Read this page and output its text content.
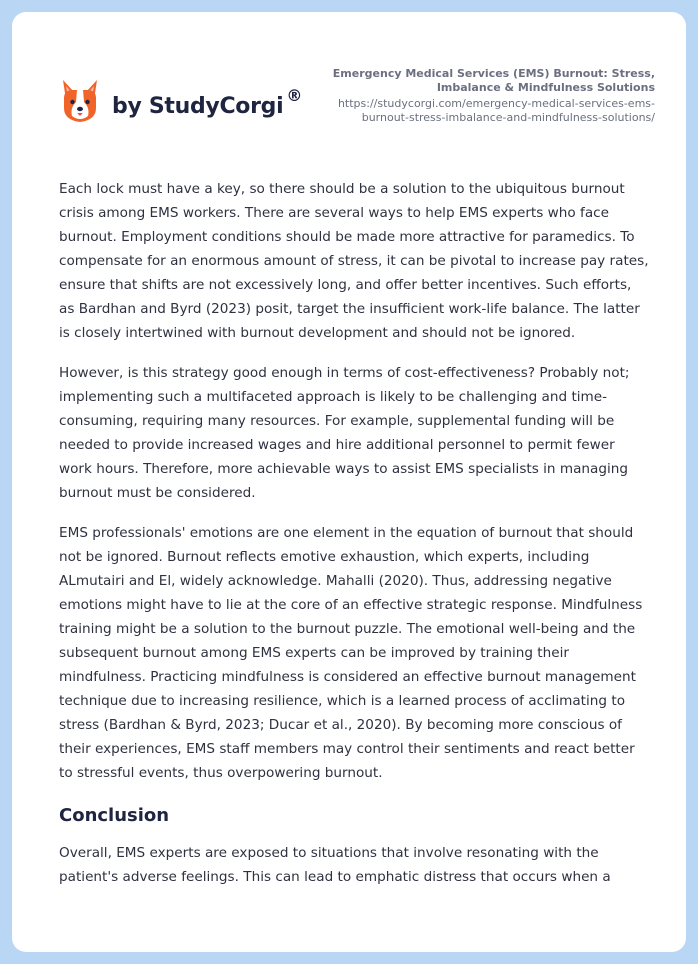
by StudyCorgi ®
Emergency Medical Services (EMS) Burnout: Stress, Imbalance & Mindfulness Solutions
https://studycorgi.com/emergency-medical-services-ems-burnout-stress-imbalance-and-mindfulness-solutions/

Each lock must have a key, so there should be a solution to the ubiquitous burnout crisis among EMS workers. There are several ways to help EMS experts who face burnout. Employment conditions should be made more attractive for paramedics. To compensate for an enormous amount of stress, it can be pivotal to increase pay rates, ensure that shifts are not excessively long, and offer better incentives. Such efforts, as Bardhan and Byrd (2023) posit, target the insufficient work-life balance. The latter is closely intertwined with burnout development and should not be ignored.

However, is this strategy good enough in terms of cost-effectiveness? Probably not; implementing such a multifaceted approach is likely to be challenging and time-consuming, requiring many resources. For example, supplemental funding will be needed to provide increased wages and hire additional personnel to permit fewer work hours. Therefore, more achievable ways to assist EMS specialists in managing burnout must be considered.

EMS professionals' emotions are one element in the equation of burnout that should not be ignored. Burnout reflects emotive exhaustion, which experts, including ALmutairi and El, widely acknowledge. Mahalli (2020). Thus, addressing negative emotions might have to lie at the core of an effective strategic response. Mindfulness training might be a solution to the burnout puzzle. The emotional well-being and the subsequent burnout among EMS experts can be improved by training their mindfulness. Practicing mindfulness is considered an effective burnout management technique due to increasing resilience, which is a learned process of acclimating to stress (Bardhan & Byrd, 2023; Ducar et al., 2020). By becoming more conscious of their experiences, EMS staff members may control their sentiments and react better to stressful events, thus overpowering burnout.

Conclusion

Overall, EMS experts are exposed to situations that involve resonating with the patient's adverse feelings. This can lead to emphatic distress that occurs when a
